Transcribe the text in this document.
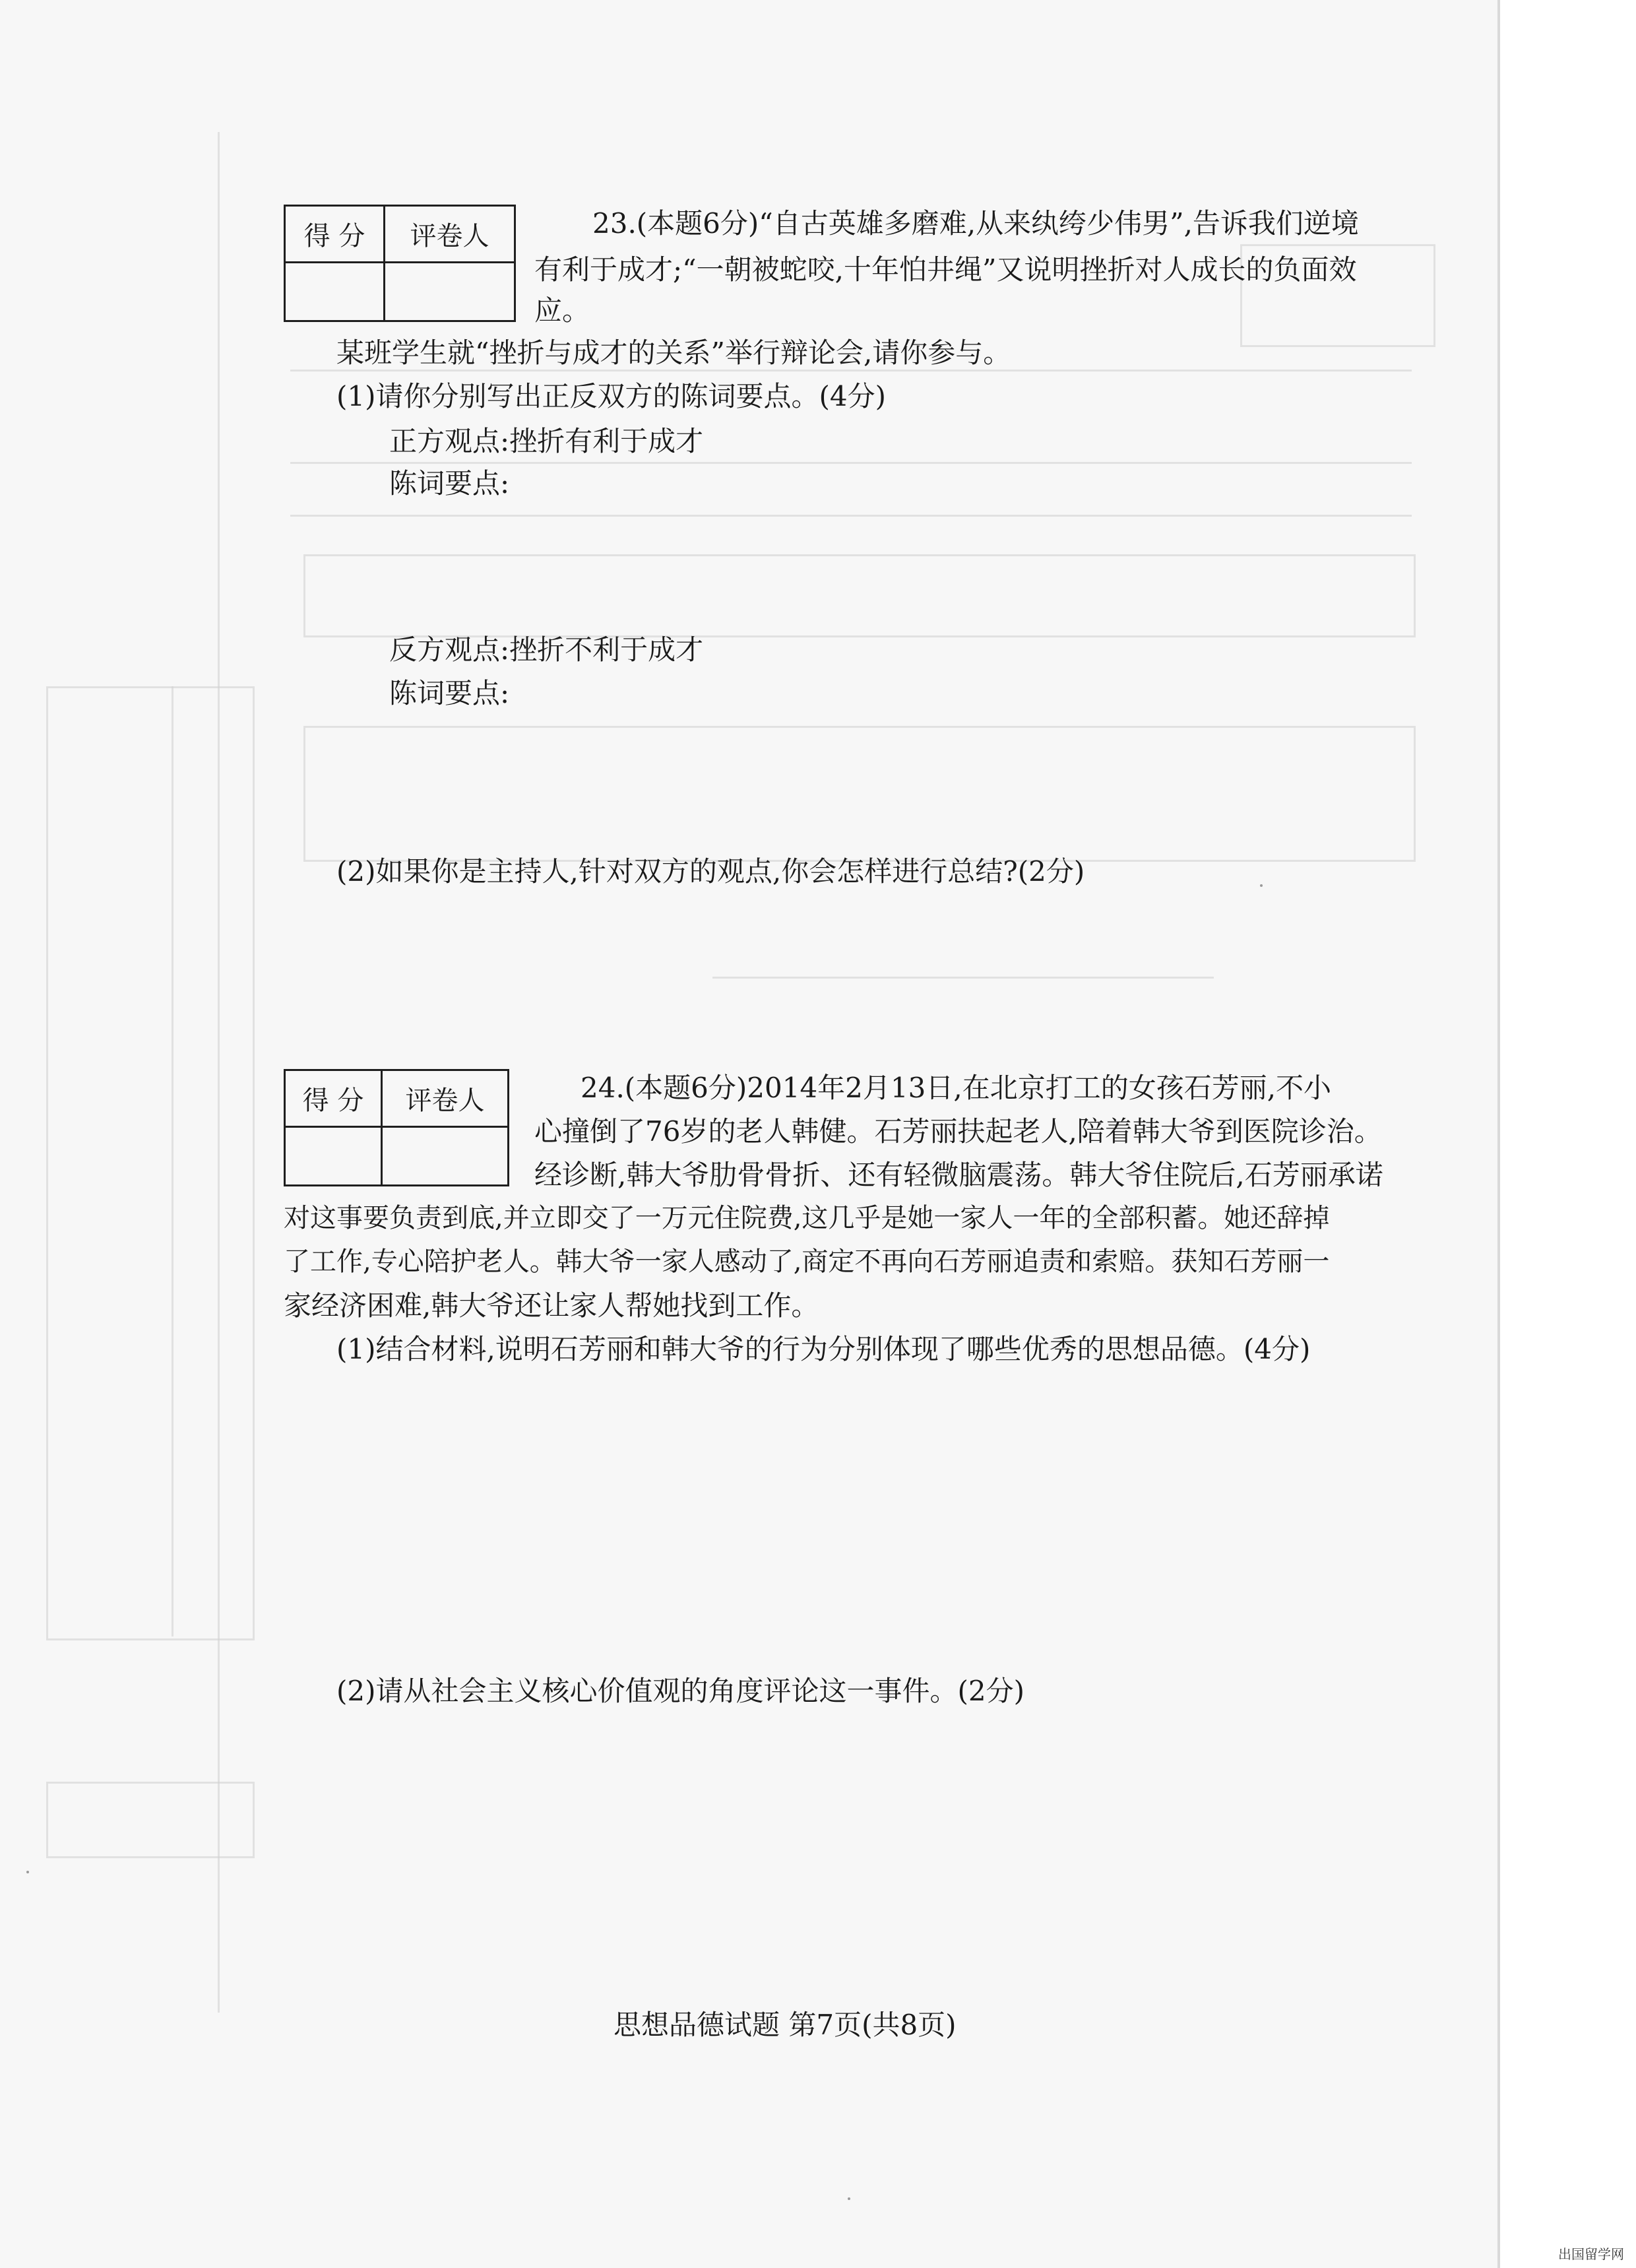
得 分	评卷人
		23.(本题6分)“自古英雄多磨难,从来纨绔少伟男”,告诉我们逆境
有利于成才;“一朝被蛇咬,十年怕井绳”又说明挫折对人成长的负面效
应。
某班学生就“挫折与成才的关系”举行辩论会,请你参与。
(1)请你分别写出正反双方的陈词要点。(4分)
正方观点:挫折有利于成才
陈词要点:
反方观点:挫折不利于成才
陈词要点:
(2)如果你是主持人,针对双方的观点,你会怎样进行总结?(2分)
得 分	评卷人
		24.(本题6分)2014年2月13日,在北京打工的女孩石芳丽,不小
心撞倒了76岁的老人韩健。石芳丽扶起老人,陪着韩大爷到医院诊治。
经诊断,韩大爷肋骨骨折、还有轻微脑震荡。韩大爷住院后,石芳丽承诺
对这事要负责到底,并立即交了一万元住院费,这几乎是她一家人一年的全部积蓄。她还辞掉
了工作,专心陪护老人。韩大爷一家人感动了,商定不再向石芳丽追责和索赔。获知石芳丽一
家经济困难,韩大爷还让家人帮她找到工作。
(1)结合材料,说明石芳丽和韩大爷的行为分别体现了哪些优秀的思想品德。(4分)
(2)请从社会主义核心价值观的角度评论这一事件。(2分)
思想品德试题 第7页(共8页)
出国留学网
